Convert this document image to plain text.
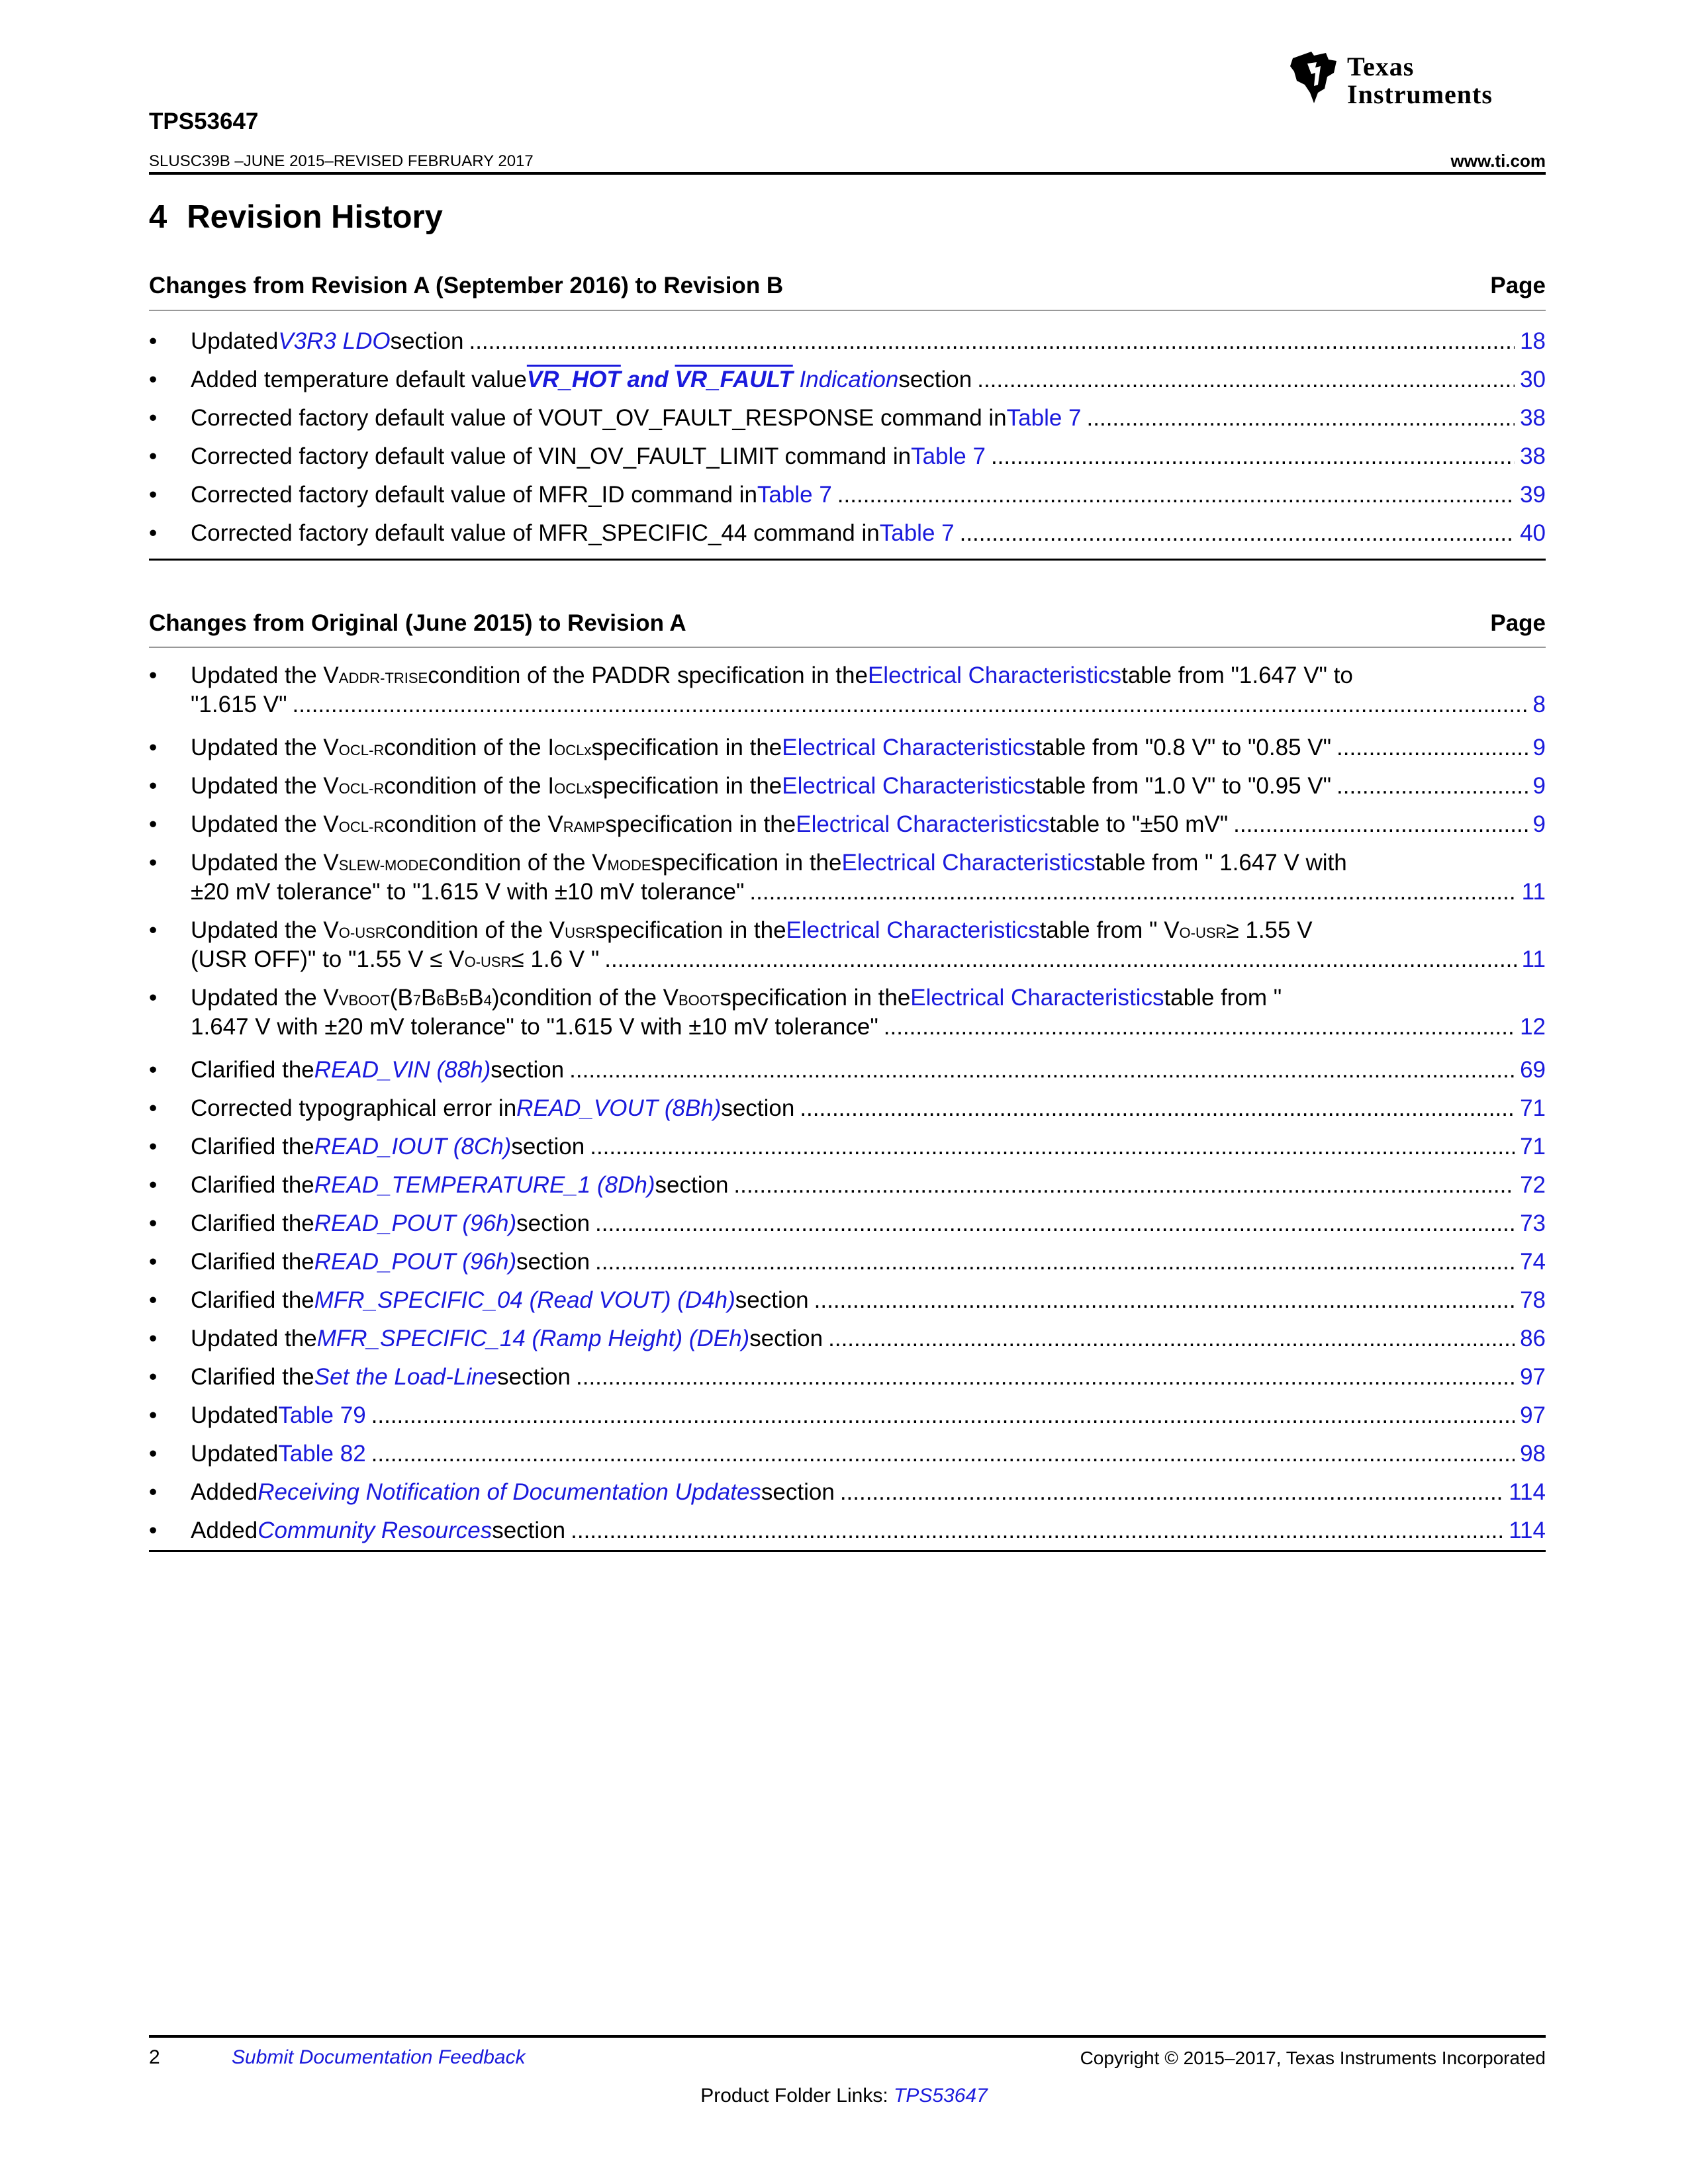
Texas
Instruments
TPS53647
SLUSC39B –JUNE 2015–REVISED FEBRUARY 2017	www.ti.com
4 Revision History
Changes from Revision A (September 2016) to Revision B	Page
• Updated V3R3 LDO section .....	18
• Added temperature default value VR_HOT and VR_FAULT Indication section .....	30
• Corrected factory default value of VOUT_OV_FAULT_RESPONSE command in Table 7 .....	38
• Corrected factory default value of VIN_OV_FAULT_LIMIT command in Table 7 .....	38
• Corrected factory default value of MFR_ID command in Table 7 .....	39
• Corrected factory default value of MFR_SPECIFIC_44 command in Table 7 .....	40
Changes from Original (June 2015) to Revision A	Page
• Updated the V ADDR-TRISE condition of the PADDR specification in the Electrical Characteristics table from "1.647 V" to
"1.615 V" .....	8
• Updated the V OCL-R condition of the I OCLx specification in the Electrical Characteristics table from "0.8 V" to "0.85 V" .....	9
• Updated the V OCL-R condition of the I OCLx specification in the Electrical Characteristics table from "1.0 V" to "0.95 V" .....	9
• Updated the V OCL-R condition of the V RAMP specification in the Electrical Characteristics table to "±50 mV" .....	9
• Updated the V SLEW-MODE condition of the V MODE specification in the Electrical Characteristics table from " 1.647 V with
±20 mV tolerance" to "1.615 V with ±10 mV tolerance" .....	11
• Updated the V O-USR condition of the V USR specification in the Electrical Characteristics table from " V O-USR ≥ 1.55 V
(USR OFF)" to "1.55 V ≤ V O-USR ≤ 1.6 V " .....	11
• Updated the V VBOOT (B 7 B 6 B 5 B 4 ) condition of the V BOOT specification in the Electrical Characteristics table from "
1.647 V with ±20 mV tolerance" to "1.615 V with ±10 mV tolerance" .....	12
• Clarified the READ_VIN (88h) section .....	69
• Corrected typographical error in READ_VOUT (8Bh) section .....	71
• Clarified the READ_IOUT (8Ch) section .....	71
• Clarified the READ_TEMPERATURE_1 (8Dh) section .....	72
• Clarified the READ_POUT (96h) section .....	73
• Clarified the READ_POUT (96h) section .....	74
• Clarified the MFR_SPECIFIC_04 (Read VOUT) (D4h) section .....	78
• Updated the MFR_SPECIFIC_14 (Ramp Height) (DEh) section .....	86
• Clarified the Set the Load-Line section .....	97
• Updated Table 79 .....	97
• Updated Table 82 .....	98
• Added Receiving Notification of Documentation Updates section .....	114
• Added Community Resources section .....	114
2	Submit Documentation Feedback	Copyright © 2015–2017, Texas Instruments Incorporated
Product Folder Links: TPS53647
